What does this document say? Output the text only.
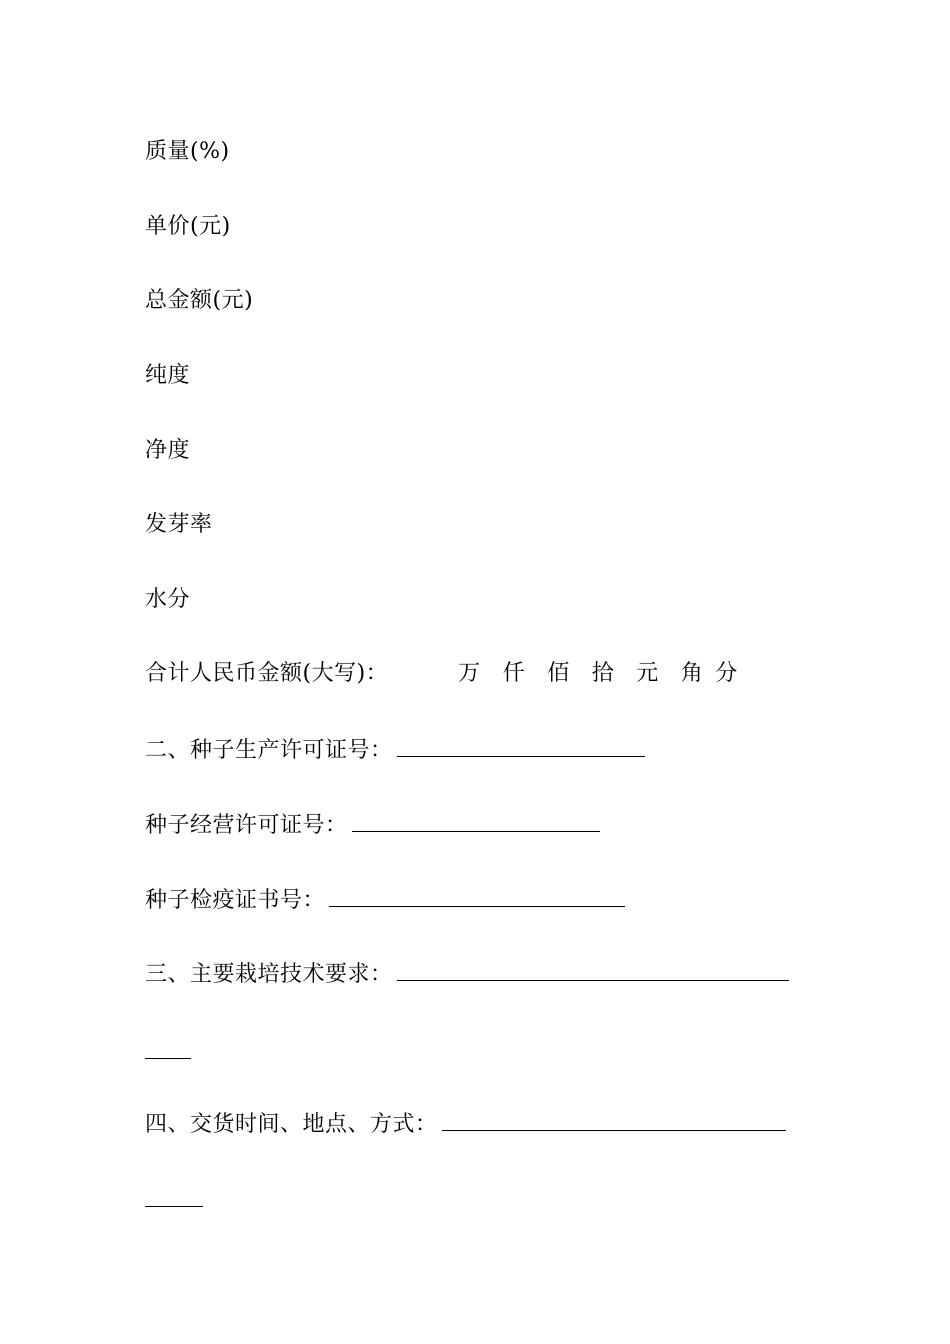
质量(%)
单价(元)
总金额(元)
纯度
净度
发芽率
水分
合计人民币金额(大写)：	万 仟 佰 拾 元 角 分
二、种子生产许可证号：
种子经营许可证号：
种子检疫证书号：
三、主要栽培技术要求：
四、交货时间、地点、方式：
